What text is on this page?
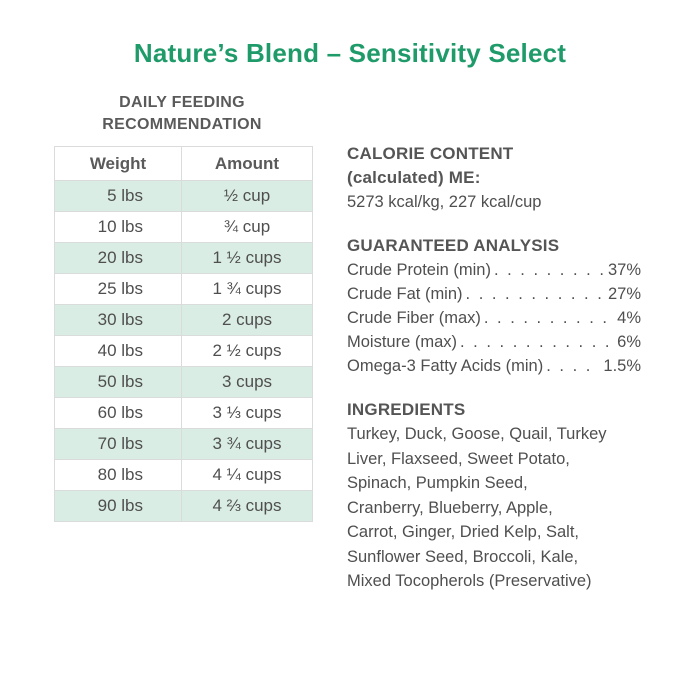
Nature’s Blend – Sensitivity Select
DAILY FEEDING
RECOMMENDATION
Weight	Amount
5 lbs	½ cup
10 lbs	¾ cup
20 lbs	1 ½ cups
25 lbs	1 ¾ cups
30 lbs	2 cups
40 lbs	2 ½ cups
50 lbs	3 cups
60 lbs	3 ⅓ cups
70 lbs	3 ¾ cups
80 lbs	4 ¼ cups
90 lbs	4 ⅔ cups
CALORIE CONTENT
(calculated) ME:
5273 kcal/kg, 227 kcal/cup
GUARANTEED ANALYSIS
Crude Protein (min) . . .	37%
Crude Fat (min) . . .	27%
Crude Fiber (max) . . .	4%
Moisture (max) . . .	6%
Omega-3 Fatty Acids (min) . . .	1.5%
INGREDIENTS
Turkey, Duck, Goose, Quail, Turkey
Liver, Flaxseed, Sweet Potato,
Spinach, Pumpkin Seed,
Cranberry, Blueberry, Apple,
Carrot, Ginger, Dried Kelp, Salt,
Sunflower Seed, Broccoli, Kale,
Mixed Tocopherols (Preservative)
